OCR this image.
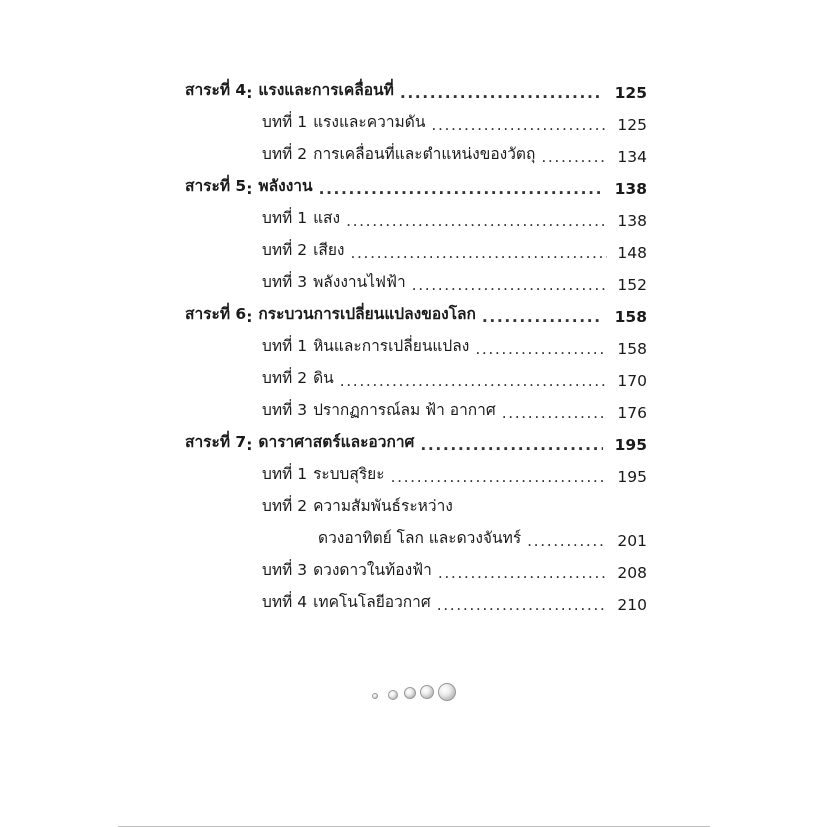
สาระที่ 4 : แรงและการเคลื่อนที่ .....	125
บทที่ 1 แรงและความดัน .....	125
บทที่ 2 การเคลื่อนที่และตำแหน่งของวัตถุ .....	134
สาระที่ 5 : พลังงาน .....	138
บทที่ 1 แสง .....	138
บทที่ 2 เสียง .....	148
บทที่ 3 พลังงานไฟฟ้า .....	152
สาระที่ 6 : กระบวนการเปลี่ยนแปลงของโลก .....	158
บทที่ 1 หินและการเปลี่ยนแปลง .....	158
บทที่ 2 ดิน .....	170
บทที่ 3 ปรากฏการณ์ลม ฟ้า อากาศ .....	176
สาระที่ 7 : ดาราศาสตร์และอวกาศ .....	195
บทที่ 1 ระบบสุริยะ .....	195
บทที่ 2 ความสัมพันธ์ระหว่าง
ดวงอาทิตย์ โลก และดวงจันทร์ .....	201
บทที่ 3 ดวงดาวในท้องฟ้า .....	208
บทที่ 4 เทคโนโลยีอวกาศ .....	210
